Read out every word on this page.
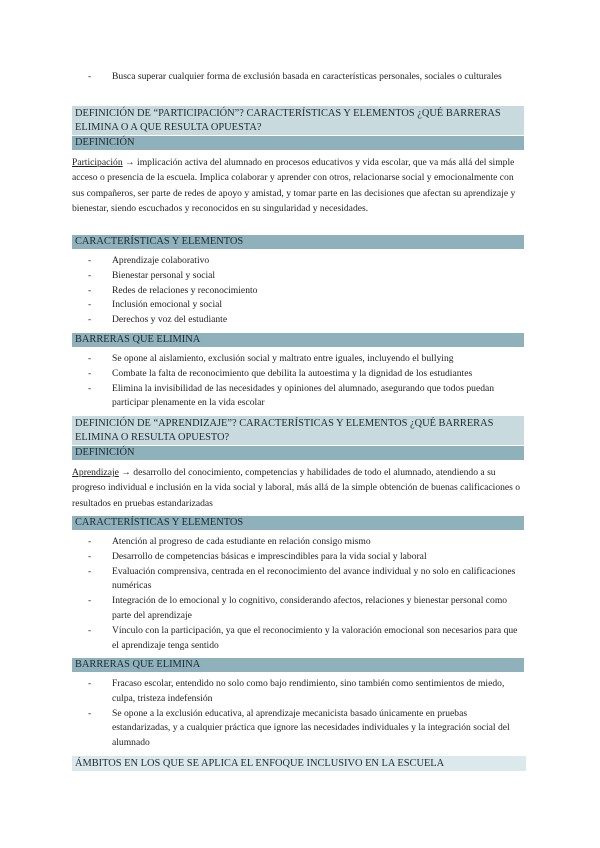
- Busca superar cualquier forma de exclusión basada en características personales, sociales o culturales
DEFINICIÓN DE “PARTICIPACIÓN”? CARACTERÍSTICAS Y ELEMENTOS ¿QUÉ BARRERAS ELIMINA O A QUE RESULTA OPUESTA?
DEFINICIÓN
Participación → implicación activa del alumnado en procesos educativos y vida escolar, que va más allá del simple acceso o presencia de la escuela. Implica colaborar y aprender con otros, relacionarse social y emocionalmente con sus compañeros, ser parte de redes de apoyo y amistad, y tomar parte en las decisiones que afectan su aprendizaje y bienestar, siendo escuchados y reconocidos en su singularidad y necesidades.
CARACTERÍSTICAS Y ELEMENTOS
- Aprendizaje colaborativo
- Bienestar personal y social
- Redes de relaciones y reconocimiento
- Inclusión emocional y social
- Derechos y voz del estudiante
BARRERAS QUE ELIMINA
- Se opone al aislamiento, exclusión social y maltrato entre iguales, incluyendo el bullying
- Combate la falta de reconocimiento que debilita la autoestima y la dignidad de los estudiantes
- Elimina la invisibilidad de las necesidades y opiniones del alumnado, asegurando que todos puedan participar plenamente en la vida escolar
DEFINICIÓN DE “APRENDIZAJE”? CARACTERÍSTICAS Y ELEMENTOS ¿QUÉ BARRERAS ELIMINA O RESULTA OPUESTO?
DEFINICIÓN
Aprendizaje → desarrollo del conocimiento, competencias y habilidades de todo el alumnado, atendiendo a su progreso individual e inclusión en la vida social y laboral, más allá de la simple obtención de buenas calificaciones o resultados en pruebas estandarizadas
CARACTERÍSTICAS Y ELEMENTOS
- Atención al progreso de cada estudiante en relación consigo mismo
- Desarrollo de competencias básicas e imprescindibles para la vida social y laboral
- Evaluación comprensiva, centrada en el reconocimiento del avance individual y no solo en calificaciones numéricas
- Integración de lo emocional y lo cognitivo, considerando afectos, relaciones y bienestar personal como parte del aprendizaje
- Vínculo con la participación, ya que el reconocimiento y la valoración emocional son necesarios para que el aprendizaje tenga sentido
BARRERAS QUE ELIMINA
- Fracaso escolar, entendido no solo como bajo rendimiento, sino también como sentimientos de miedo, culpa, tristeza indefensión
- Se opone a la exclusión educativa, al aprendizaje mecanicista basado únicamente en pruebas estandarizadas, y a cualquier práctica que ignore las necesidades individuales y la integración social del alumnado
ÁMBITOS EN LOS QUE SE APLICA EL ENFOQUE INCLUSIVO EN LA ESCUELA
